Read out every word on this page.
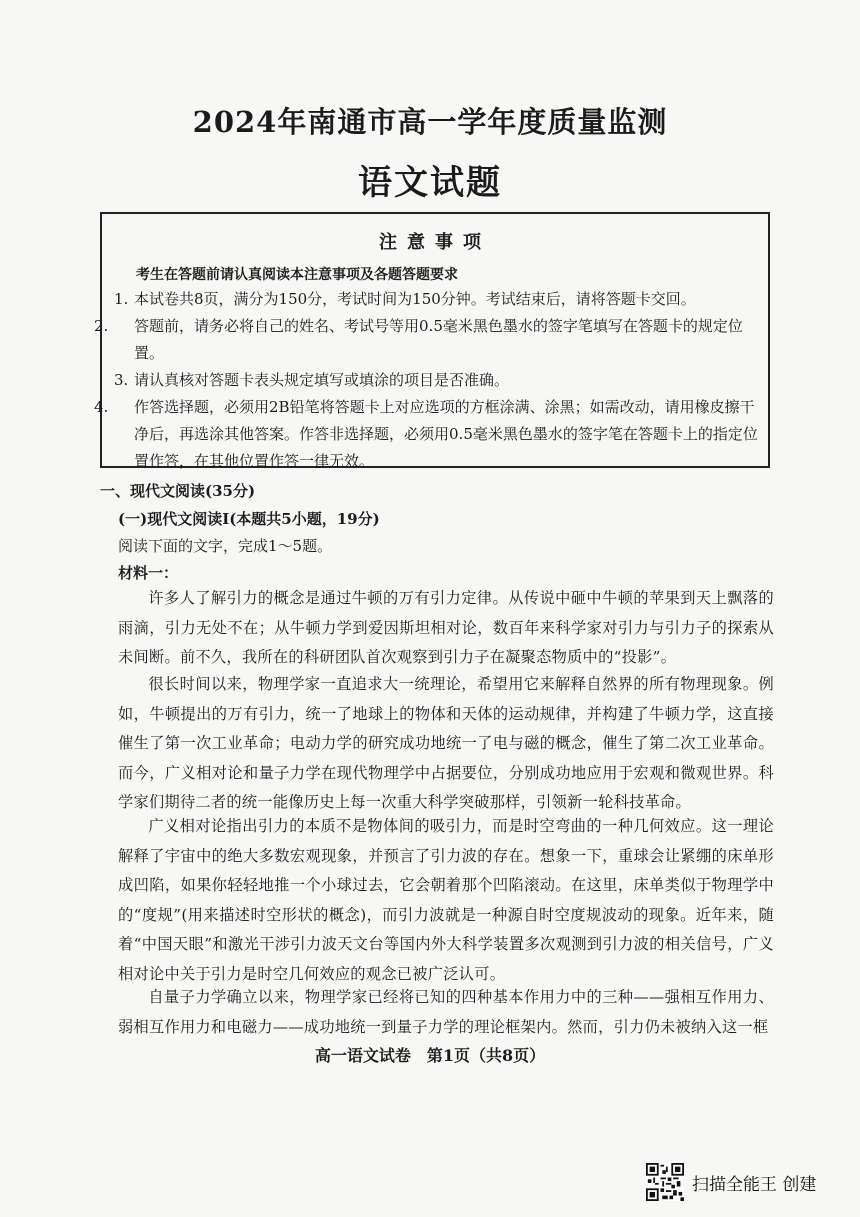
2024年南通市高一学年度质量监测
语文试题
注意事项
考生在答题前请认真阅读本注意事项及各题答题要求
1. 本试卷共8页，满分为150分，考试时间为150分钟。考试结束后，请将答题卡交回。
2. 答题前，请务必将自己的姓名、考试号等用0.5毫米黑色墨水的签字笔填写在答题卡的规定位置。
3. 请认真核对答题卡表头规定填写或填涂的项目是否准确。
4. 作答选择题，必须用2B铅笔将答题卡上对应选项的方框涂满、涂黑；如需改动，请用橡皮擦干净后，再选涂其他答案。作答非选择题，必须用0.5毫米黑色墨水的签字笔在答题卡上的指定位置作答，在其他位置作答一律无效。
一、现代文阅读(35分)
(一)现代文阅读Ⅰ(本题共5小题，19分)
阅读下面的文字，完成1～5题。
材料一：
许多人了解引力的概念是通过牛顿的万有引力定律。从传说中砸中牛顿的苹果到天上飘落的雨滴，引力无处不在；从牛顿力学到爱因斯坦相对论，数百年来科学家对引力与引力子的探索从未间断。前不久，我所在的科研团队首次观察到引力子在凝聚态物质中的“投影”。
很长时间以来，物理学家一直追求大一统理论，希望用它来解释自然界的所有物理现象。例如，牛顿提出的万有引力，统一了地球上的物体和天体的运动规律，并构建了牛顿力学，这直接催生了第一次工业革命；电动力学的研究成功地统一了电与磁的概念，催生了第二次工业革命。而今，广义相对论和量子力学在现代物理学中占据要位，分别成功地应用于宏观和微观世界。科学家们期待二者的统一能像历史上每一次重大科学突破那样，引领新一轮科技革命。
广义相对论指出引力的本质不是物体间的吸引力，而是时空弯曲的一种几何效应。这一理论解释了宇宙中的绝大多数宏观现象，并预言了引力波的存在。想象一下，重球会让紧绷的床单形成凹陷，如果你轻轻地推一个小球过去，它会朝着那个凹陷滚动。在这里，床单类似于物理学中的“度规”(用来描述时空形状的概念)，而引力波就是一种源自时空度规波动的现象。近年来，随着“中国天眼”和激光干涉引力波天文台等国内外大科学装置多次观测到引力波的相关信号，广义相对论中关于引力是时空几何效应的观念已被广泛认可。
自量子力学确立以来，物理学家已经将已知的四种基本作用力中的三种——强相互作用力、弱相互作用力和电磁力——成功地统一到量子力学的理论框架内。然而，引力仍未被纳入这一框
高一语文试卷　第1页（共8页）
扫描全能王 创建
